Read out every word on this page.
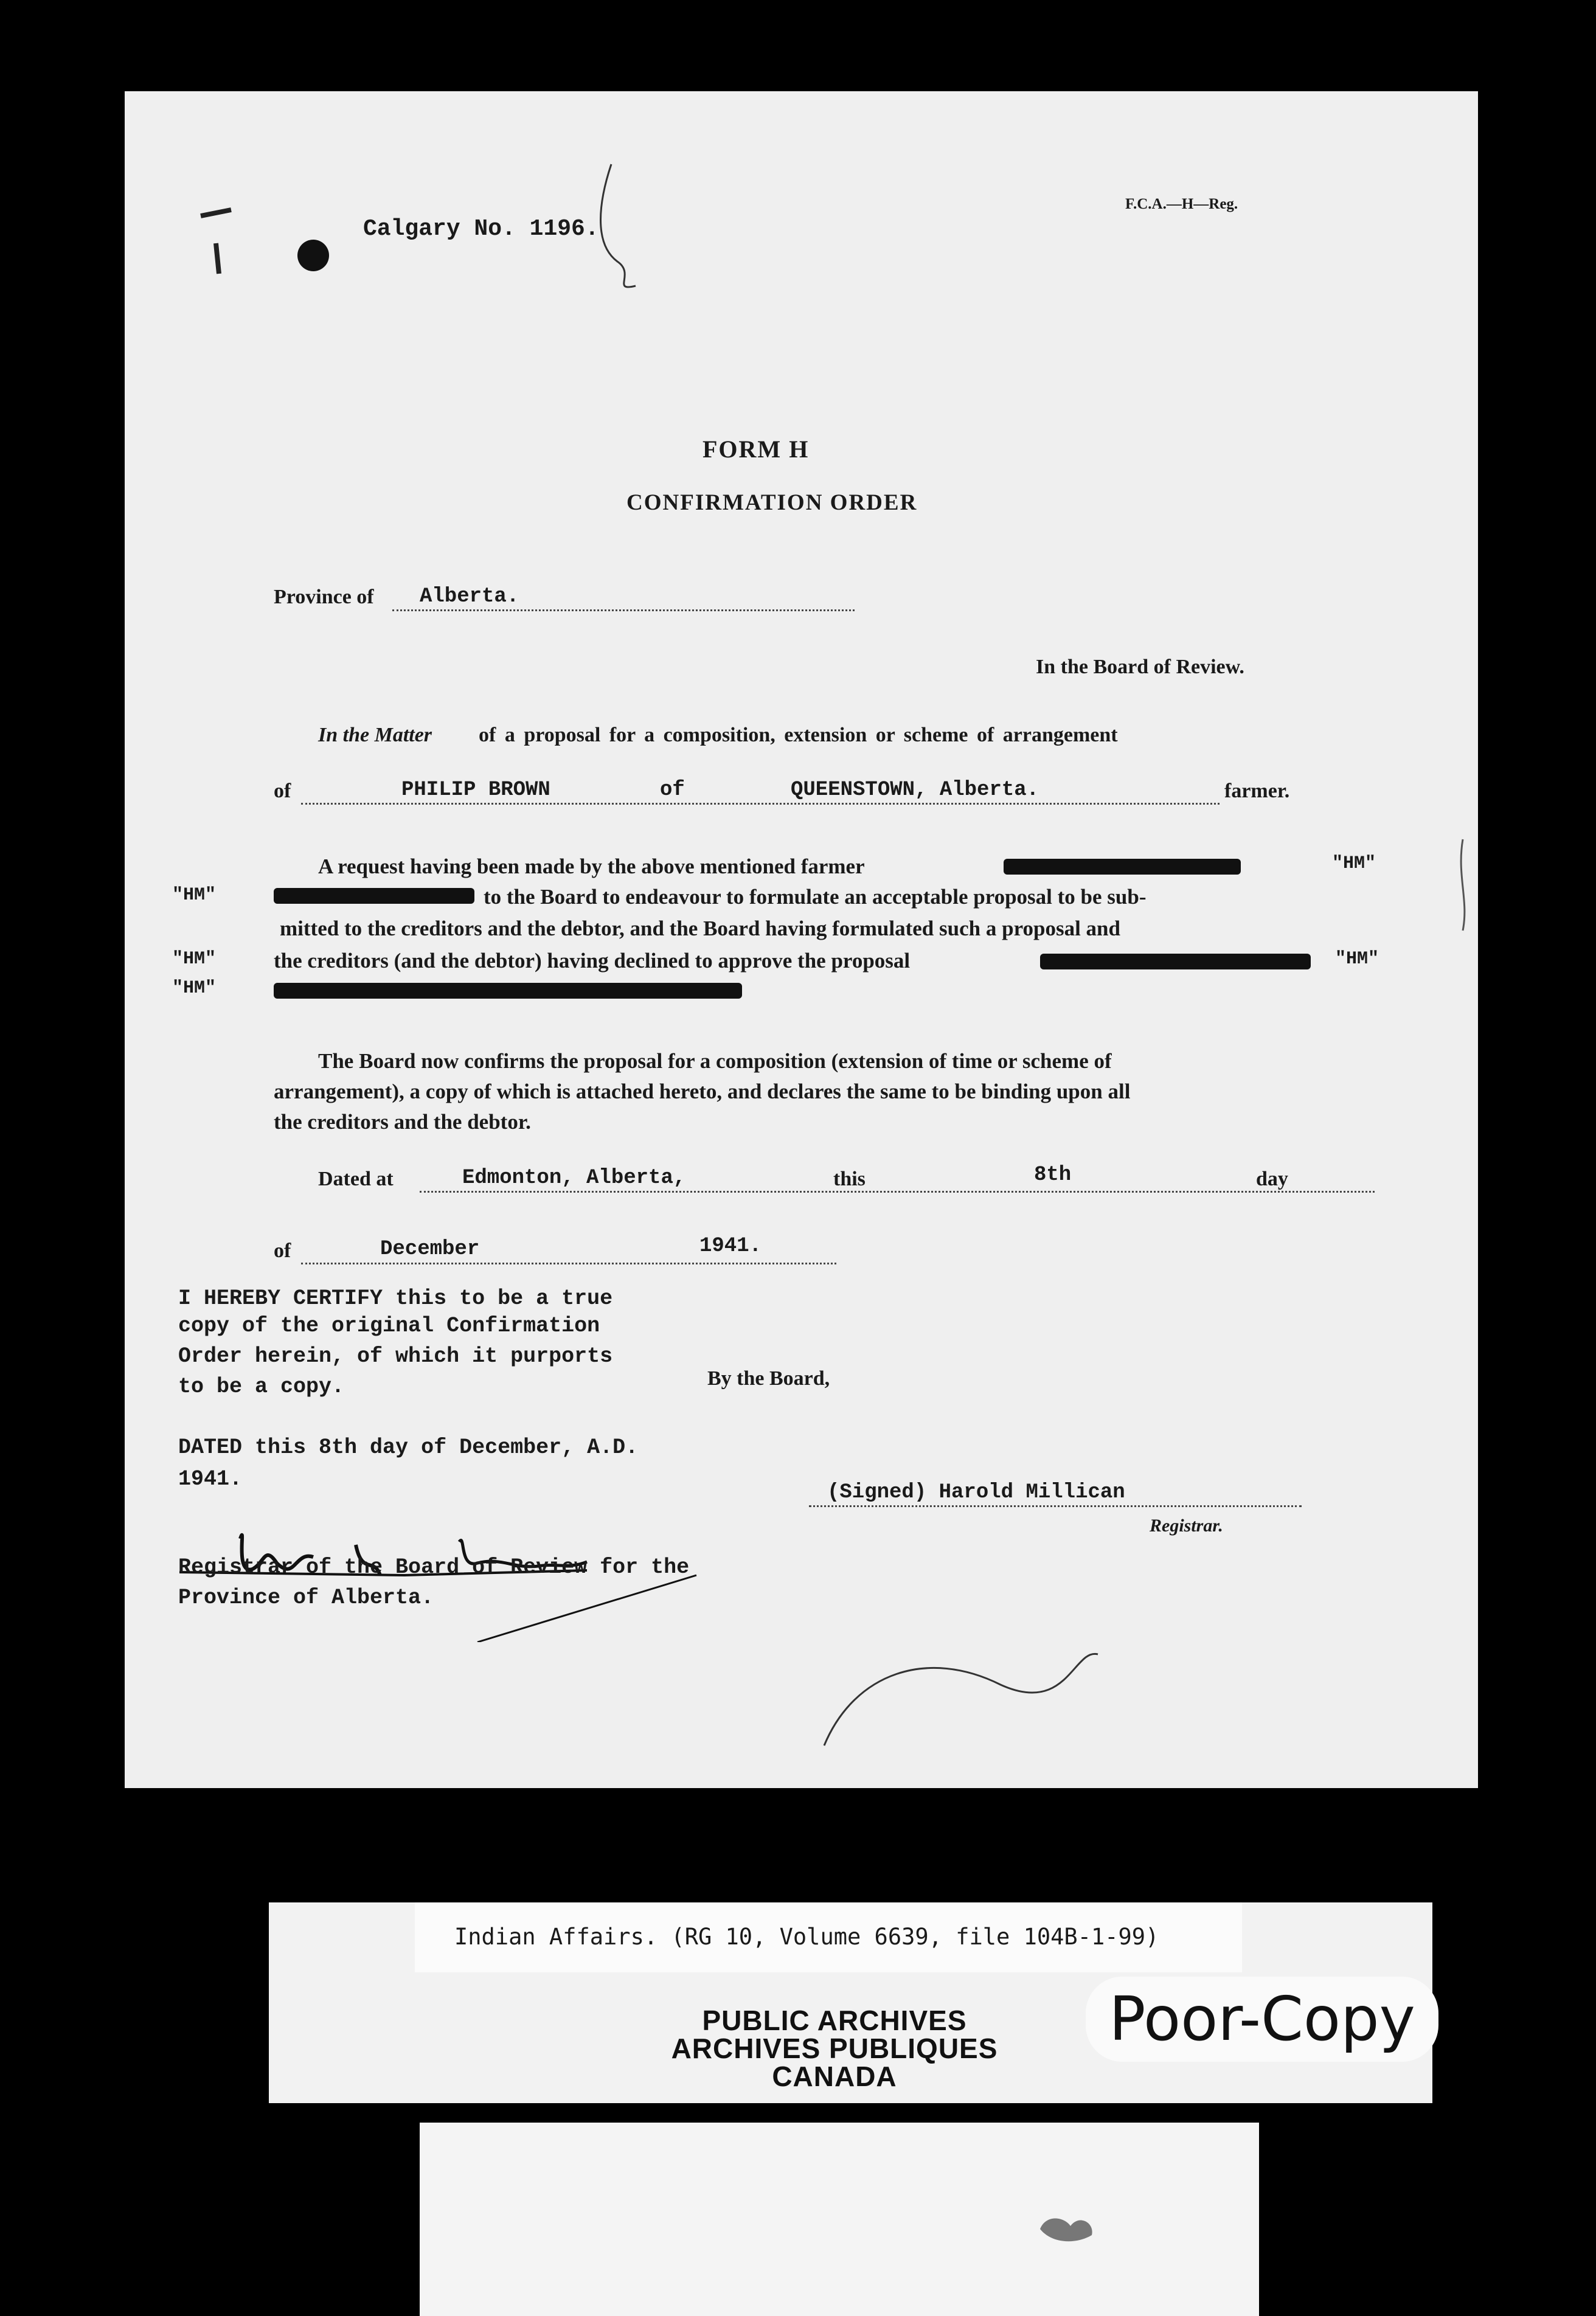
Calgary No. 1196.
F.C.A.—H—Reg.
FORM H
CONFIRMATION ORDER
Province of Alberta.
In the Board of Review.
In the Matter of a proposal for a composition, extension or scheme of arrangement
of	PHILIP BROWN	of	QUEENSTOWN, Alberta.	farmer.
A request having been made by the above mentioned farmer	"HM"
"HM"	to the Board to endeavour to formulate an acceptable proposal to be sub-
mitted to the creditors and the debtor, and the Board having formulated such a proposal and
"HM"	the creditors (and the debtor) having declined to approve the proposal	"HM"
"HM"
The Board now confirms the proposal for a composition (extension of time or scheme of
arrangement), a copy of which is attached hereto, and declares the same to be binding upon all
the creditors and the debtor.
Dated at	Edmonton, Alberta,	this	8th	day
of	December	1941.
I HEREBY CERTIFY this to be a true
copy of the original Confirmation
Order herein, of which it purports
to be a copy.	By the Board,
DATED this 8th day of December, A.D.
1941.
(Signed) Harold Millican
Registrar.
Registrar of the Board of Review for the
Province of Alberta.
Indian Affairs. (RG 10, Volume 6639, file 104B-1-99)
PUBLIC ARCHIVES
ARCHIVES PUBLIQUES
CANADA
Poor-Copy
